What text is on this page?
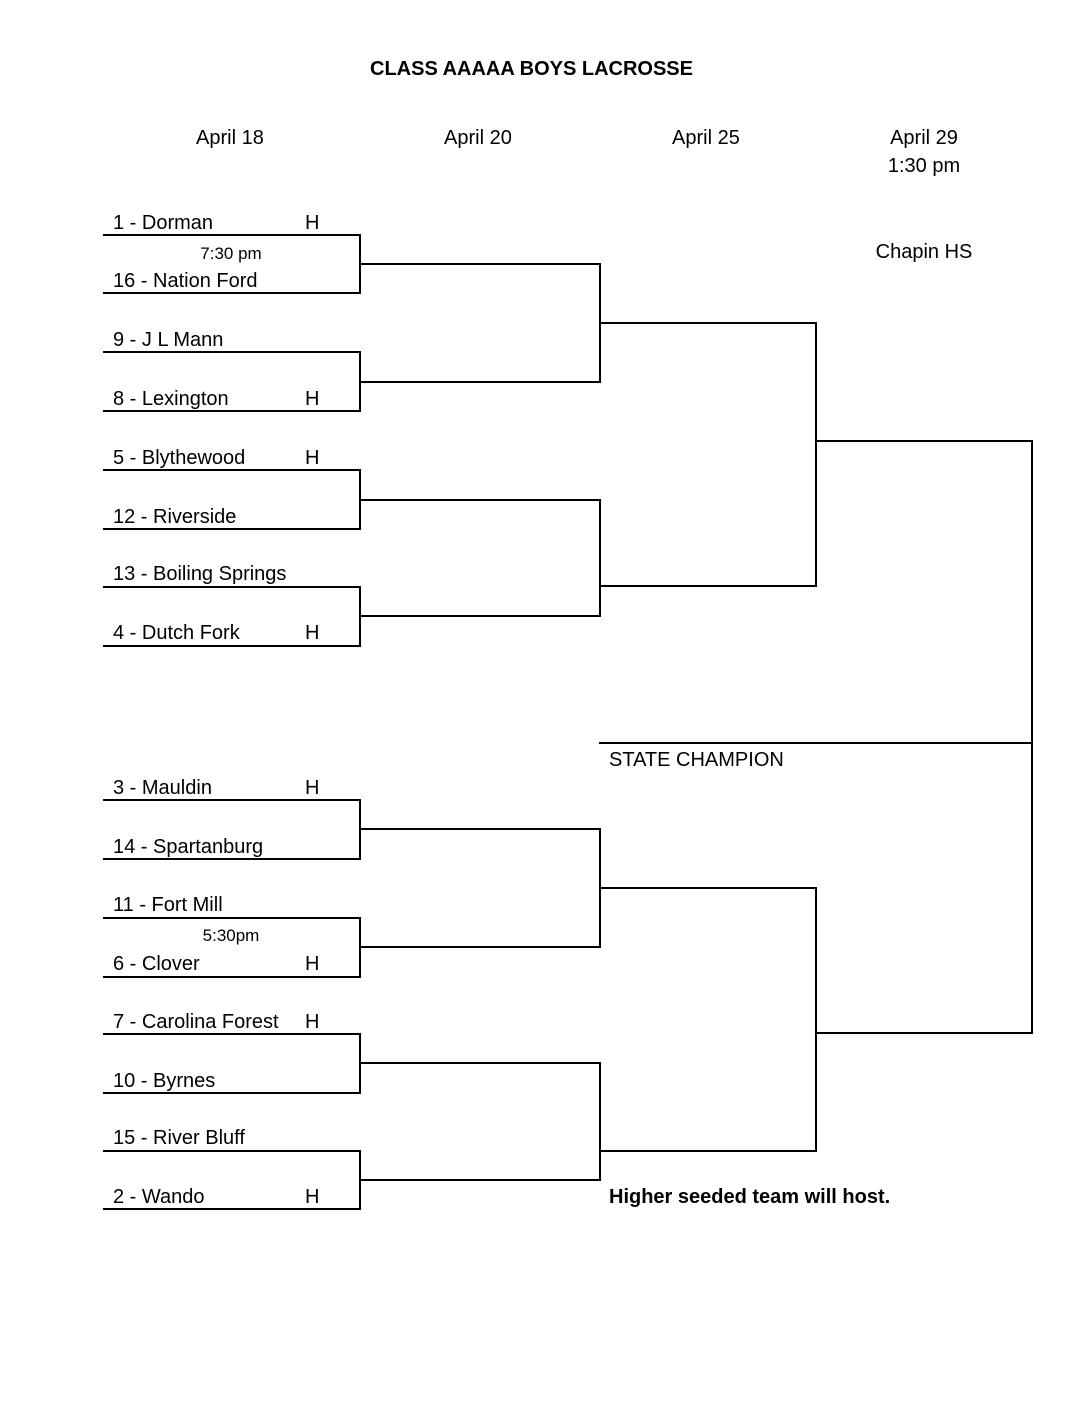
CLASS AAAAA BOYS LACROSSE
April 18	April 20	April 25	April 29
1:30 pm
Chapin HS
1 - Dorman
16 - Nation Ford
9 - J L Mann
8 - Lexington
5 - Blythewood
12 - Riverside
13 - Boiling Springs
4 - Dutch Fork
3 - Mauldin
14 - Spartanburg
11 - Fort Mill
6 - Clover
7 - Carolina Forest
10 - Byrnes
15 - River Bluff
2 - Wando
H
H
H
H
H
H
H
H
7:30 pm
5:30pm
STATE CHAMPION
Higher seeded team will host.
